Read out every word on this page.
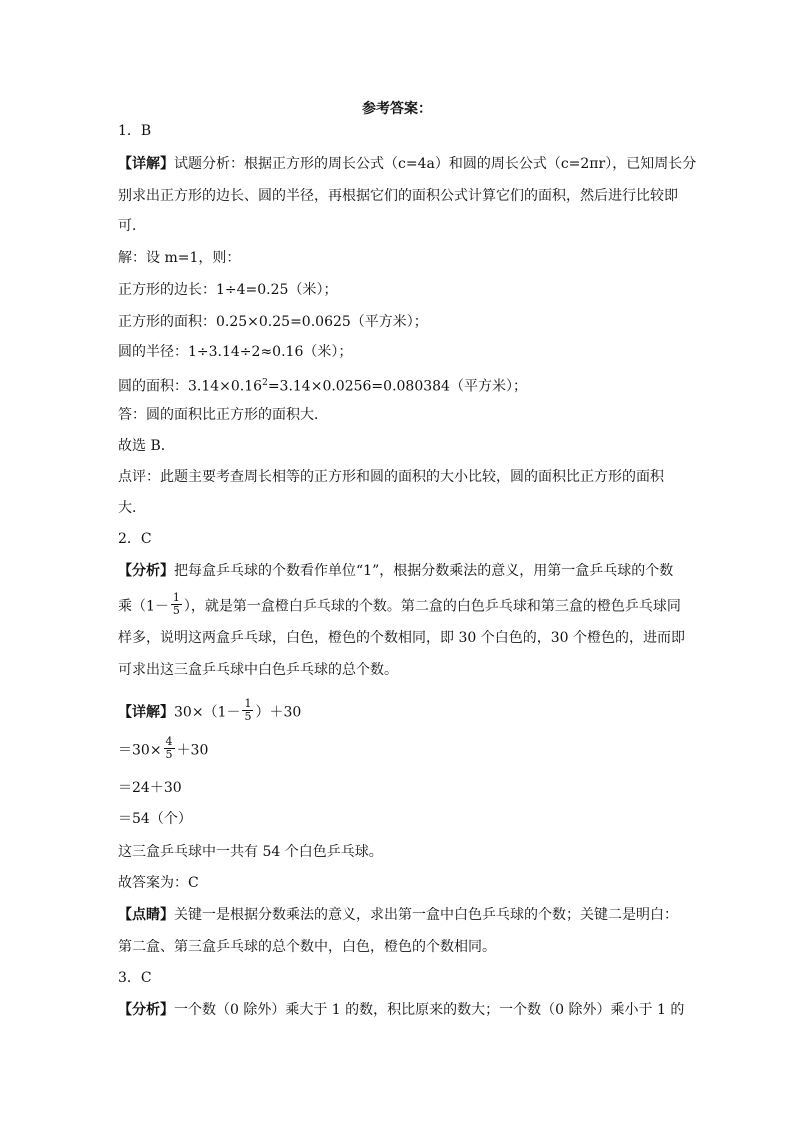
参考答案：
1．B
【详解】试题分析：根据正方形的周长公式（c=4a）和圆的周长公式（c=2πr），已知周长分
别求出正方形的边长、圆的半径，再根据它们的面积公式计算它们的面积，然后进行比较即
可．
解：设 m=1，则：
正方形的边长：1÷4=0.25（米）；
正方形的面积：0.25×0.25=0.0625（平方米）；
圆的半径：1÷3.14÷2≈0.16（米）；
圆的面积：$3.14\times 0.16^2=3.14\times 0.0256=0.080384$（平方米）；
答：圆的面积比正方形的面积大．
故选 B．
点评：此题主要考查周长相等的正方形和圆的面积的大小比较，圆的面积比正方形的面积
大．
2．C
【分析】把每盒乒乓球的个数看作单位“1”，根据分数乘法的意义，用第一盒乒乓球的个数
乘（$1- \frac{1}{5}$ ），就是第一盒橙白乒乓球的个数。第二盒的白色乒乓球和第三盒的橙色乒乓球同
样多，说明这两盒乒乓球，白色，橙色的个数相同，即 30 个白色的，30 个橙色的，进而即
可求出这三盒乒乓球中白色乒乓球的总个数。
【详解】$30\times(1- \frac{1}{5} )+30$
$=30\times \frac{4}{5} +30$
＝24＋30
＝54（个）
这三盒乒乓球中一共有 54 个白色乒乓球。
故答案为：C
【点睛】关键一是根据分数乘法的意义，求出第一盒中白色乒乓球的个数；关键二是明白：
第二盒、第三盒乒乓球的总个数中，白色，橙色的个数相同。
3．C
【分析】一个数（0 除外）乘大于 1 的数，积比原来的数大；一个数（0 除外）乘小于 1 的
